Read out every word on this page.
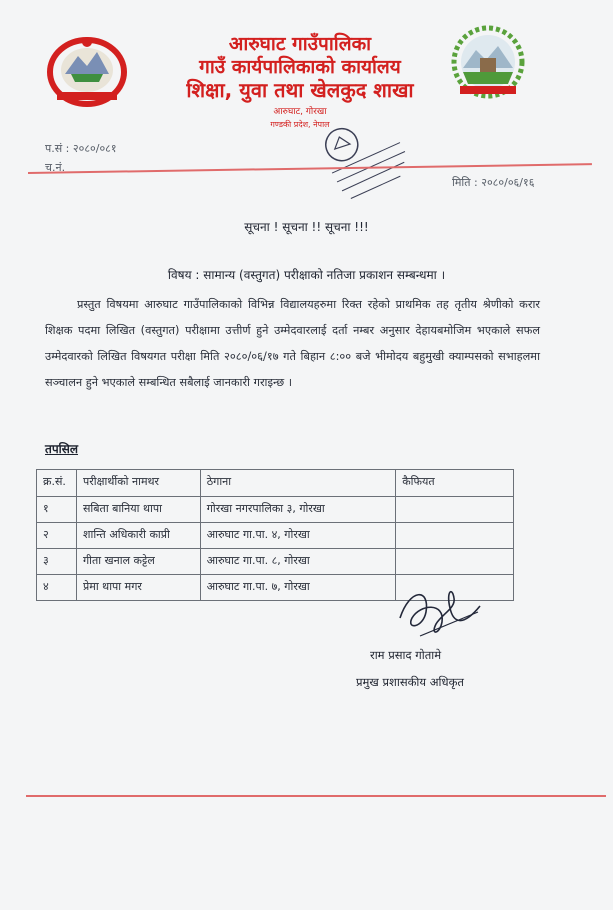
आरुघाट गाउँपालिका
गाउँ कार्यपालिकाको कार्यालय
शिक्षा, युवा तथा खेलकुद शाखा
आरुघाट, गोरखा
गण्डकी प्रदेश, नेपाल
प.सं : २०८०/०८१
च.नं.
मिति : २०८०/०६/१६
सूचना ! सूचना !! सूचना !!!
विषय : सामान्य (वस्तुगत) परीक्षाको नतिजा प्रकाशन सम्बन्धमा ।
प्रस्तुत विषयमा आरुघाट गाउँपालिकाको विभिन्न विद्यालयहरुमा रिक्त रहेको प्राथमिक तह तृतीय श्रेणीको करार शिक्षक पदमा लिखित (वस्तुगत) परीक्षामा उत्तीर्ण हुने उम्मेदवारलाई दर्ता नम्बर अनुसार देहायबमोजिम भएकाले सफल उम्मेदवारको लिखित विषयगत परीक्षा मिति २०८०/०६/१७ गते बिहान ८:०० बजे भीमोदय बहुमुखी क्याम्पसको सभाहलमा सञ्चालन हुने भएकाले सम्बन्धित सबैलाई जानकारी गराइन्छ ।
तपसिल
क्र.सं.	परीक्षार्थीको नामथर	ठेगाना	कैफियत
१	सबिता बानिया थापा	गोरखा नगरपालिका ३, गोरखा	
२	शान्ति अधिकारी काप्री	आरुघाट गा.पा. ४, गोरखा	
३	गीता खनाल कट्टेल	आरुघाट गा.पा. ८, गोरखा	
४	प्रेमा थापा मगर	आरुघाट गा.पा. ७, गोरखा	
राम प्रसाद गोतामे
प्रमुख प्रशासकीय अधिकृत
